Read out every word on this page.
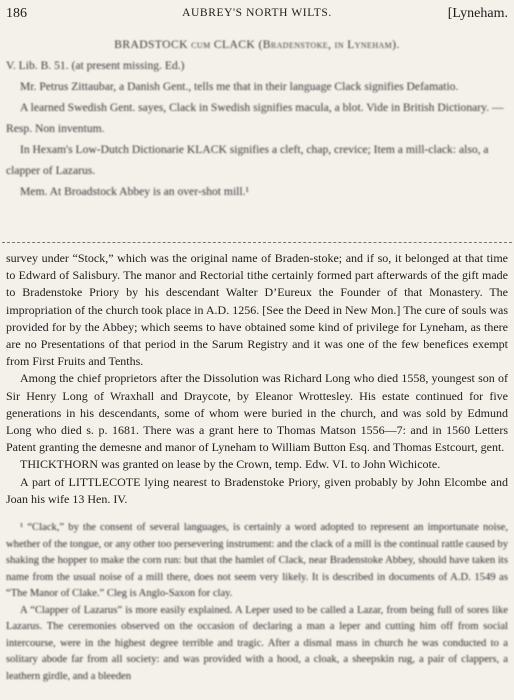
186	AUBREY'S NORTH WILTS.	[Lyneham.

BRADSTOCK cum CLACK (Bradenstoke, in Lyneham).

V. Lib. B. 51. (at present missing. Ed.)

Mr. Petrus Zittaubar, a Danish Gent., tells me that in their language Clack signifies Defamatio.

A learned Swedish Gent. sayes, Clack in Swedish signifies macula, a blot. Vide in British Dictionary. —Resp. Non inventum.

In Hexam's Low-Dutch Dictionarie KLACK signifies a cleft, chap, crevice; Item a mill-clack: also, a clapper of Lazarus.

Mem. At Broadstock Abbey is an over-shot mill.¹

survey under “Stock,” which was the original name of Braden-stoke; and if so, it belonged at that time to Edward of Salisbury. The manor and Rectorial tithe certainly formed part afterwards of the gift made to Bradenstoke Priory by his descendant Walter D’Eureux the Founder of that Monastery. The impropriation of the church took place in A.D. 1256. [See the Deed in New Mon.] The cure of souls was provided for by the Abbey; which seems to have obtained some kind of privilege for Lyneham, as there are no Presentations of that period in the Sarum Registry and it was one of the few benefices exempt from First Fruits and Tenths.

Among the chief proprietors after the Dissolution was Richard Long who died 1558, youngest son of Sir Henry Long of Wraxhall and Draycote, by Eleanor Wrottesley. His estate continued for five generations in his descendants, some of whom were buried in the church, and was sold by Edmund Long who died s. p. 1681. There was a grant here to Thomas Matson 1556—7: and in 1560 Letters Patent granting the demesne and manor of Lyneham to William Button Esq. and Thomas Estcourt, gent.

THICKTHORN was granted on lease by the Crown, temp. Edw. VI. to John Wichicote.

A part of LITTLECOTE lying nearest to Bradenstoke Priory, given probably by John Elcombe and Joan his wife 13 Hen. IV.

¹ “Clack,” by the consent of several languages, is certainly a word adopted to represent an importunate noise, whether of the tongue, or any other too persevering instrument: and the clack of a mill is the continual rattle caused by shaking the hopper to make the corn run: but that the hamlet of Clack, near Bradenstoke Abbey, should have taken its name from the usual noise of a mill there, does not seem very likely. It is described in documents of A.D. 1549 as “The Manor of Clake.” Cleg is Anglo-Saxon for clay.

A “Clapper of Lazarus” is more easily explained. A Leper used to be called a Lazar, from being full of sores like Lazarus. The ceremonies observed on the occasion of declaring a man a leper and cutting him off from social intercourse, were in the highest degree terrible and tragic. After a dismal mass in church he was conducted to a solitary abode far from all society: and was provided with a hood, a cloak, a sheepskin rug, a pair of clappers, a leathern girdle, and a bleeden
